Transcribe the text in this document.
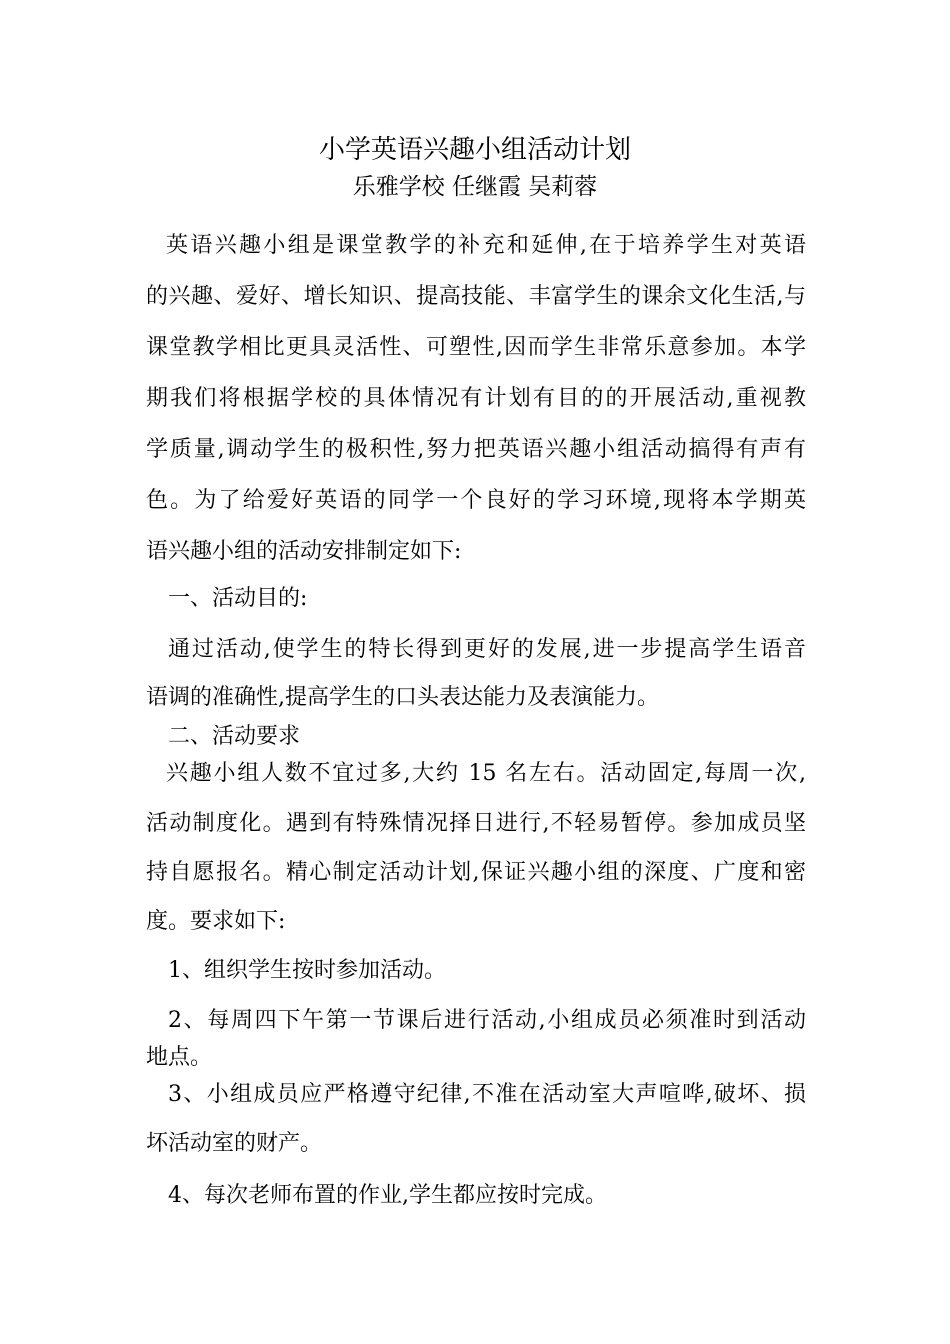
小学英语兴趣小组活动计划
乐雅学校 任继霞 吴莉蓉
英语兴趣小组是课堂教学的补充和延伸,在于培养学生对英语
的兴趣、爱好、增长知识、提高技能、丰富学生的课余文化生活,与
课堂教学相比更具灵活性、可塑性,因而学生非常乐意参加。本学
期我们将根据学校的具体情况有计划有目的的开展活动,重视教
学质量,调动学生的极积性,努力把英语兴趣小组活动搞得有声有
色。为了给爱好英语的同学一个良好的学习环境,现将本学期英
语兴趣小组的活动安排制定如下:
一、活动目的:
通过活动,使学生的特长得到更好的发展,进一步提高学生语音
语调的准确性,提高学生的口头表达能力及表演能力。
二、活动要求
兴趣小组人数不宜过多,大约 15 名左右。活动固定,每周一次,
活动制度化。遇到有特殊情况择日进行,不轻易暂停。参加成员坚
持自愿报名。精心制定活动计划,保证兴趣小组的深度、广度和密
度。要求如下:
1、组织学生按时参加活动。
2、每周四下午第一节课后进行活动,小组成员必须准时到活动
地点。
3、小组成员应严格遵守纪律,不准在活动室大声喧哗,破坏、损
坏活动室的财产。
4、每次老师布置的作业,学生都应按时完成。
